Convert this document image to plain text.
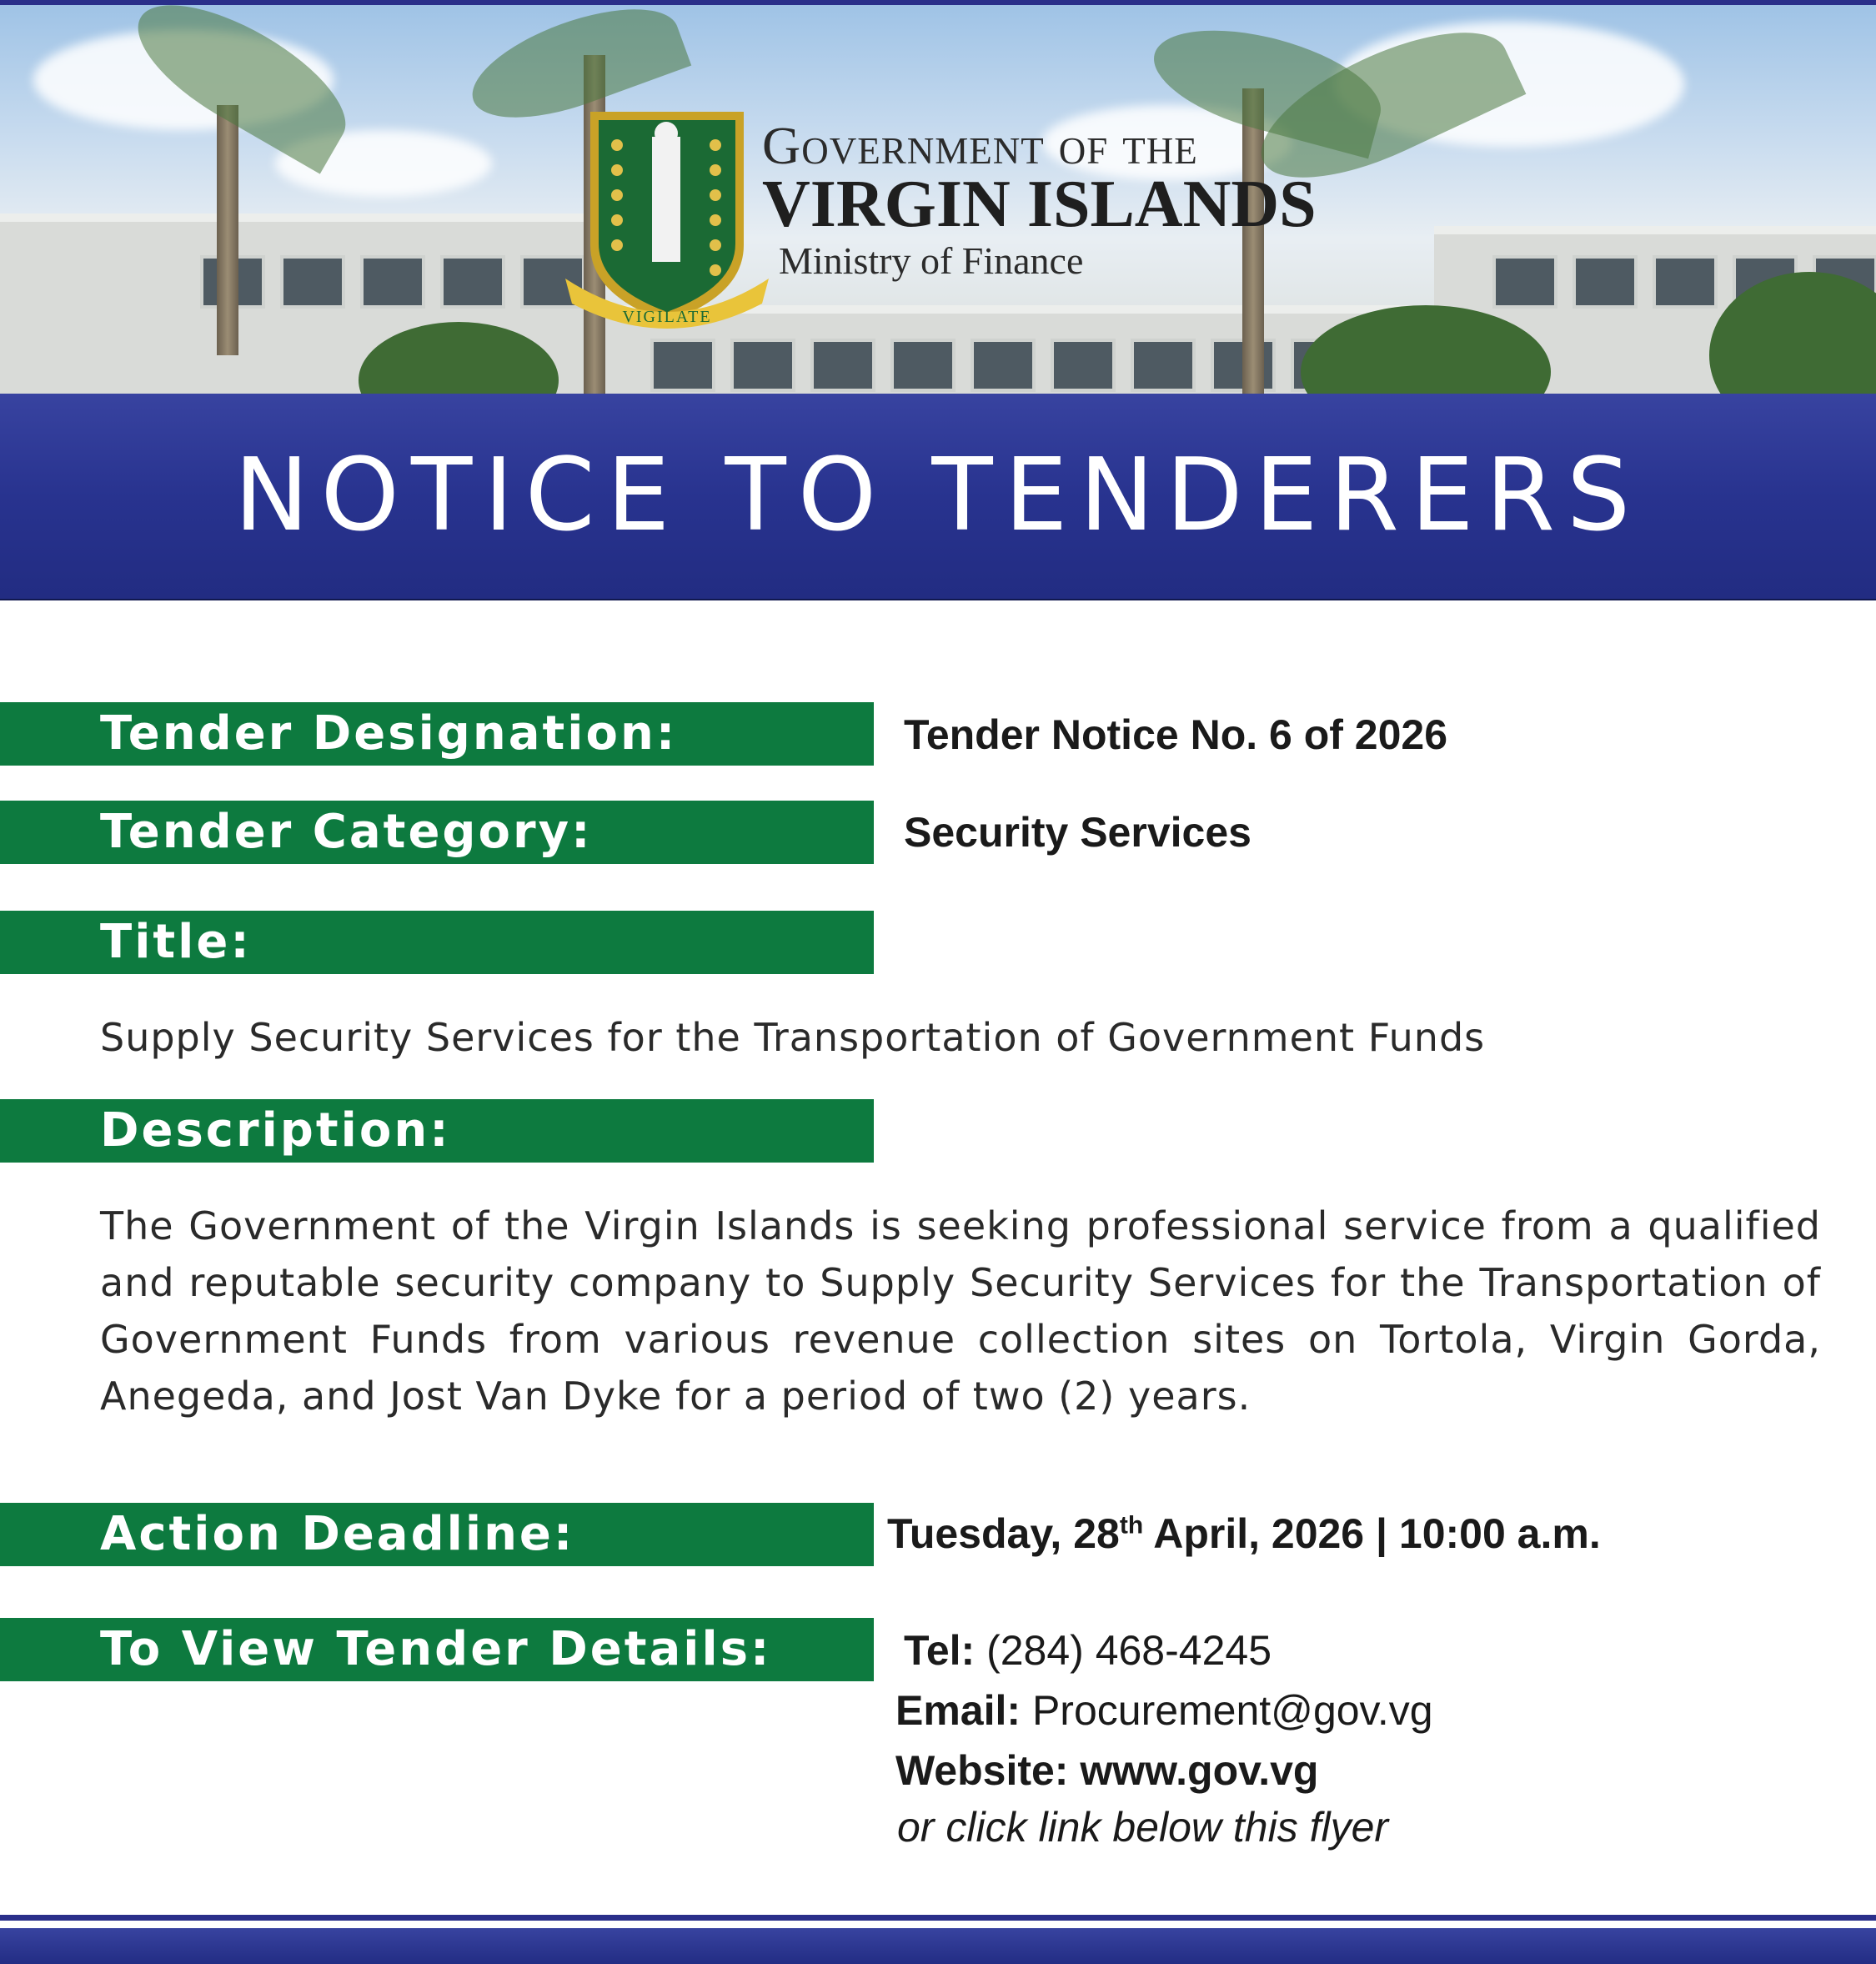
VIGILATE
Government of the
VIRGIN ISLANDS
Ministry of Finance
NOTICE TO TENDERERS
Tender Designation:	Tender Notice No. 6 of 2026
Tender Category:	Security Services
Title:
Supply Security Services for the Transportation of Government Funds
Description:
The Government of the Virgin Islands is seeking professional service from a qualified and reputable security company to Supply Security Services for the Transportation of Government Funds from various revenue collection sites on Tortola, Virgin Gorda, Anegeda, and Jost Van Dyke for a period of two (2) years.
Action Deadline:	Tuesday, 28th April, 2026 | 10:00 a.m.
To View Tender Details:	Tel: (284) 468-4245
Email: Procurement@gov.vg
Website: www.gov.vg
or click link below this flyer
